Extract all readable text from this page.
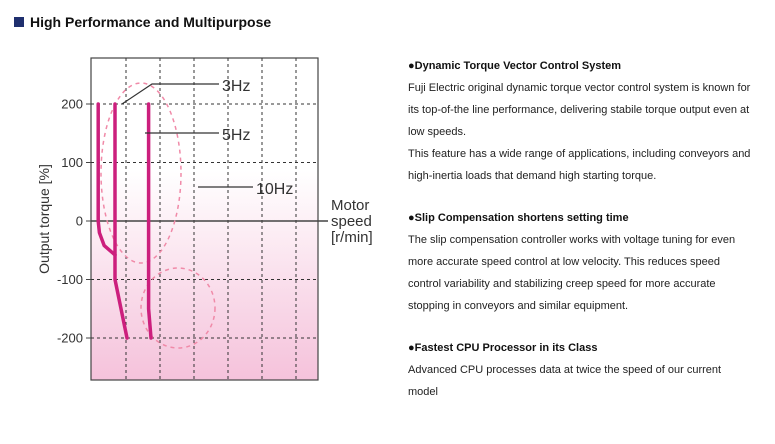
High Performance and Multipurpose
200
100
0
-100
-200
Output torque [%]	Motor
speed
[r/min]
3Hz
5Hz
10Hz
●Dynamic Torque Vector Control System

Fuji Electric original dynamic torque vector control system is known for

its top-of-the line performance, delivering stabile torque output even at

low speeds.

This feature has a wide range of applications, including conveyors and

high-inertia loads that demand high starting torque.

●Slip Compensation shortens setting time

The slip compensation controller works with voltage tuning for even

more accurate speed control at low velocity. This reduces speed

control variability and stabilizing creep speed for more accurate

stopping in conveyors and similar equipment.

●Fastest CPU Processor in its Class

Advanced CPU processes data at twice the speed of our current

model
